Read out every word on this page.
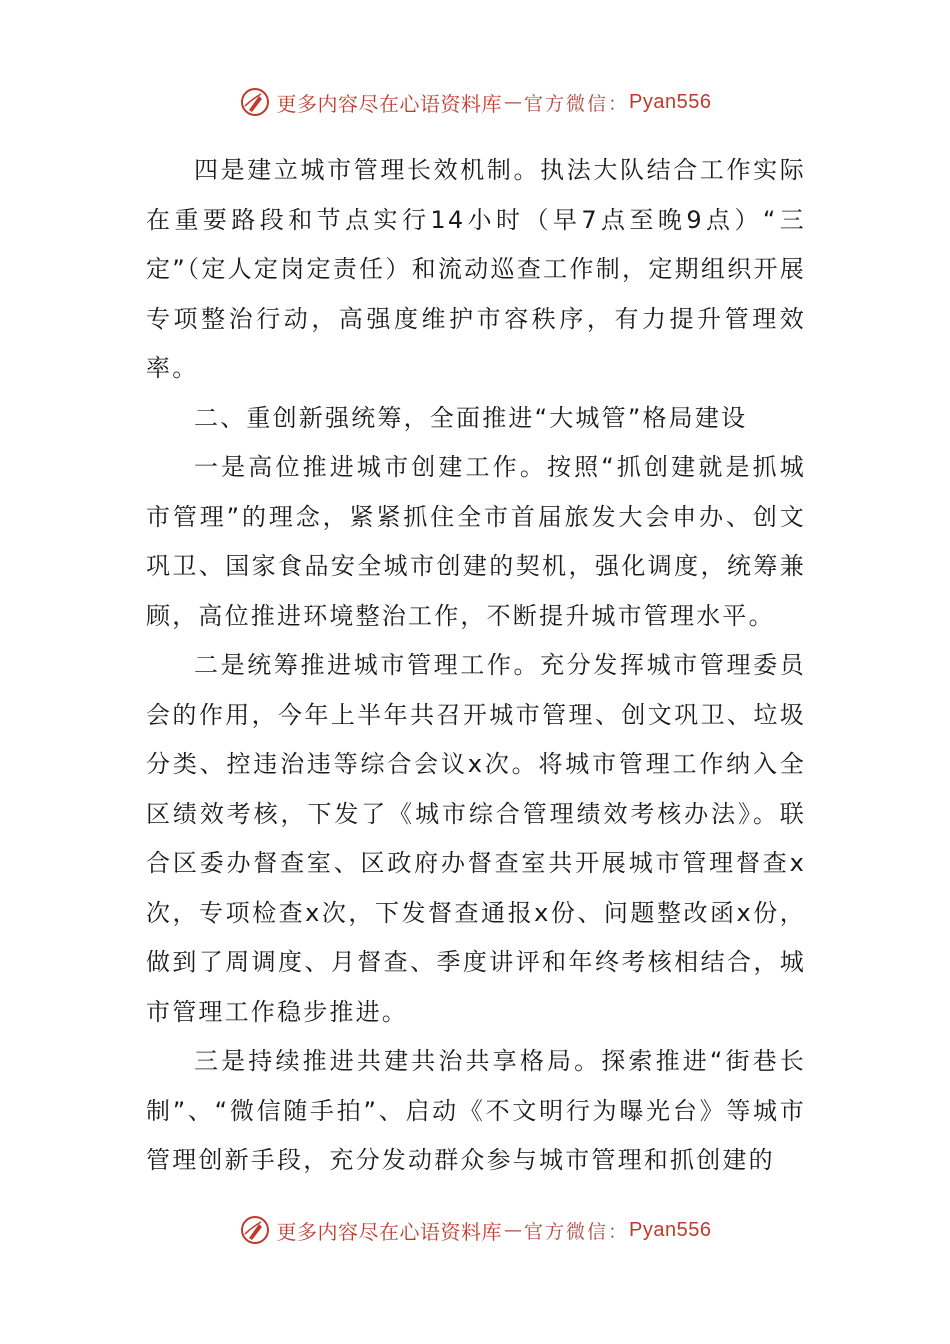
更多内容尽在心语资料库 — 官方微信： Pyan556

四是建立城市管理长效机制。执法大队结合工作实际在重要路段和节点实行14小时（早7点至晚9点）“三定”（定人定岗定责任）和流动巡查工作制，定期组织开展专项整治行动，高强度维护市容秩序，有力提升管理效率。

二、重创新强统筹，全面推进“大城管”格局建设

一是高位推进城市创建工作。按照“抓创建就是抓城市管理”的理念，紧紧抓住全市首届旅发大会申办、创文巩卫、国家食品安全城市创建的契机，强化调度，统筹兼顾，高位推进环境整治工作，不断提升城市管理水平。

二是统筹推进城市管理工作。充分发挥城市管理委员会的作用，今年上半年共召开城市管理、创文巩卫、垃圾分类、控违治违等综合会议x次。将城市管理工作纳入全区绩效考核，下发了《城市综合管理绩效考核办法》。联合区委办督查室、区政府办督查室共开展城市管理督查x次，专项检查x次，下发督查通报x份、问题整改函x份，做到了周调度、月督查、季度讲评和年终考核相结合，城市管理工作稳步推进。

三是持续推进共建共治共享格局。探索推进“街巷长制”、“微信随手拍”、启动《不文明行为曝光台》等城市管理创新手段，充分发动群众参与城市管理和抓创建的

更多内容尽在心语资料库 — 官方微信： Pyan556
